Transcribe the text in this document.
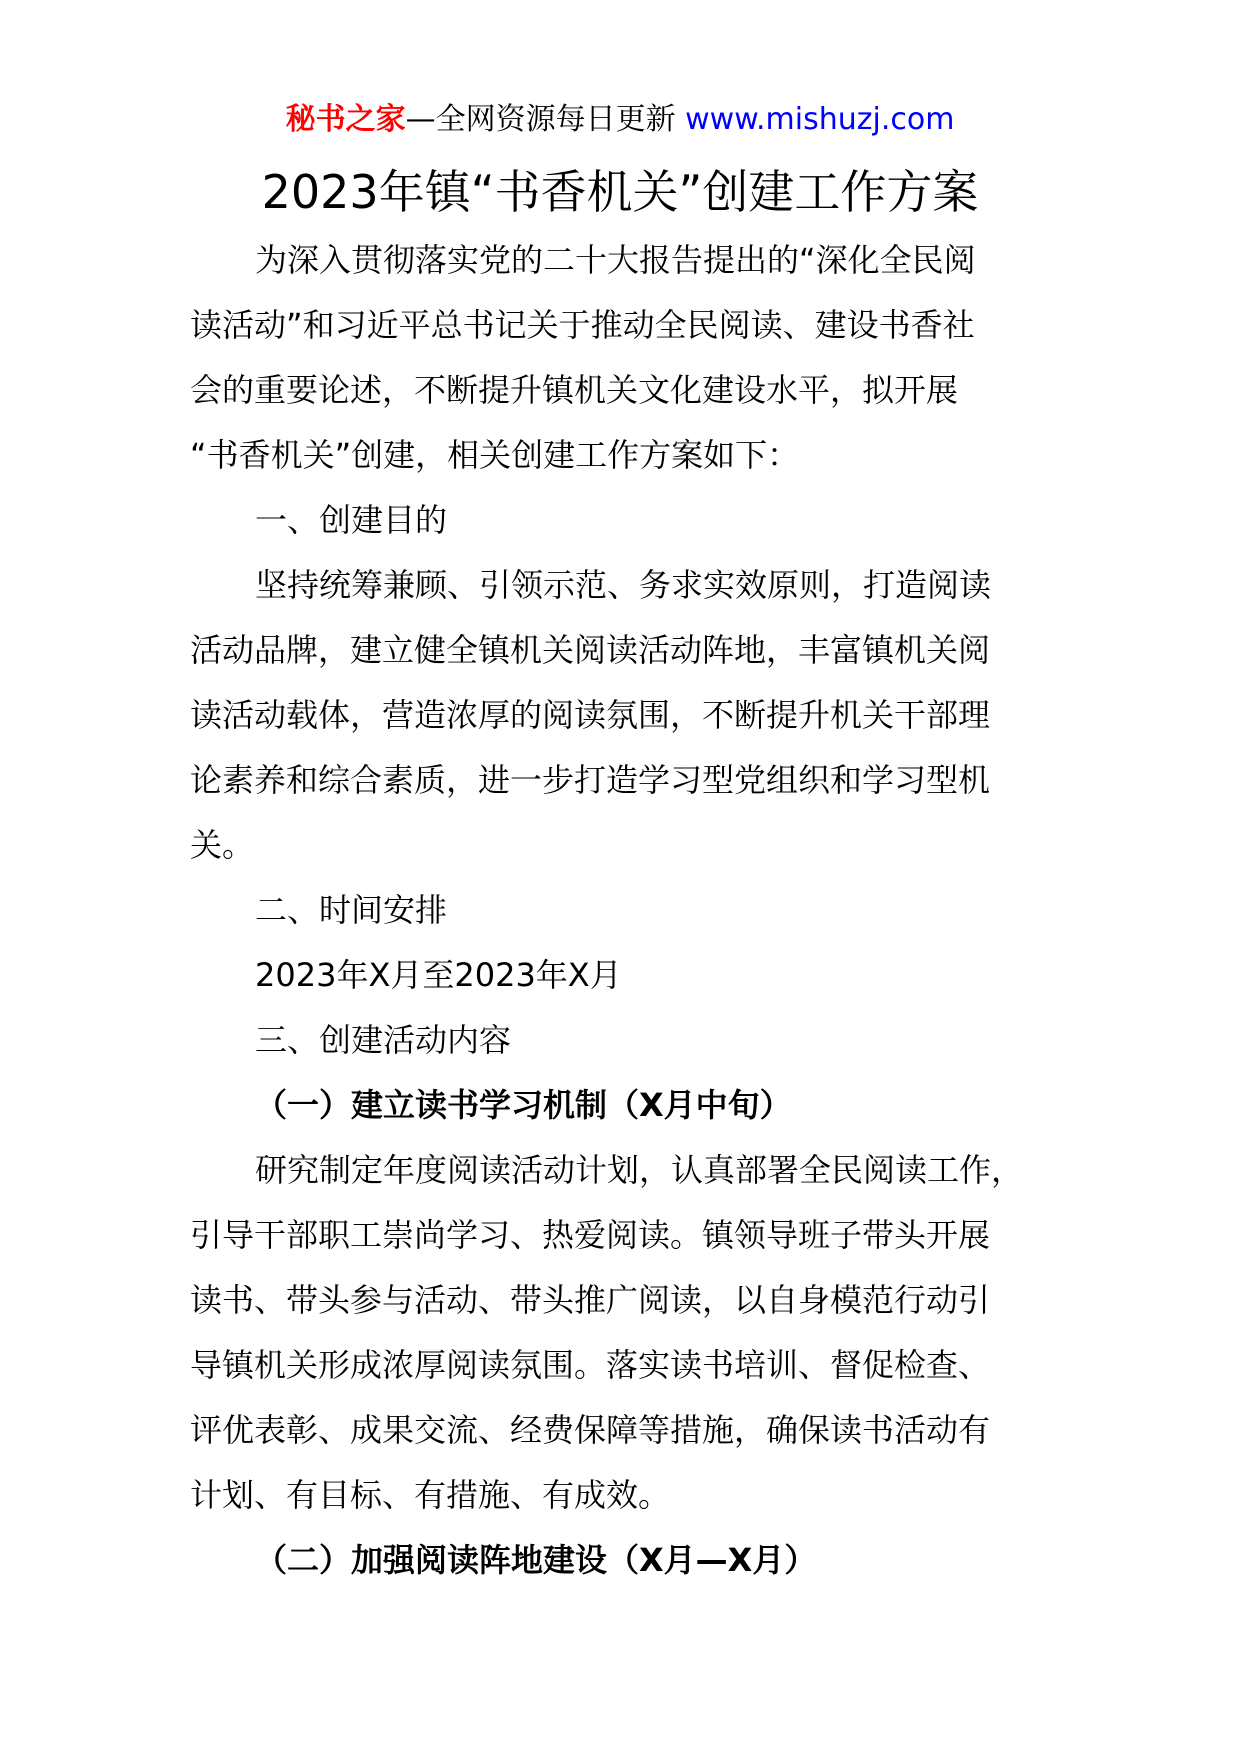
秘书之家—全网资源每日更新 www.mishuzj.com
2023年镇“书香机关”创建工作方案
为深入贯彻落实党的二十大报告提出的“深化全民阅
读活动”和习近平总书记关于推动全民阅读、建设书香社
会的重要论述，不断提升镇机关文化建设水平，拟开展
“书香机关”创建，相关创建工作方案如下：
一、创建目的
坚持统筹兼顾、引领示范、务求实效原则，打造阅读
活动品牌，建立健全镇机关阅读活动阵地，丰富镇机关阅
读活动载体，营造浓厚的阅读氛围，不断提升机关干部理
论素养和综合素质，进一步打造学习型党组织和学习型机
关。
二、时间安排
2023年X月至2023年X月
三、创建活动内容
（一）建立读书学习机制（X月中旬）
研究制定年度阅读活动计划，认真部署全民阅读工作，
引导干部职工崇尚学习、热爱阅读。镇领导班子带头开展
读书、带头参与活动、带头推广阅读，以自身模范行动引
导镇机关形成浓厚阅读氛围。落实读书培训、督促检查、
评优表彰、成果交流、经费保障等措施，确保读书活动有
计划、有目标、有措施、有成效。
（二）加强阅读阵地建设（X月—X月）
